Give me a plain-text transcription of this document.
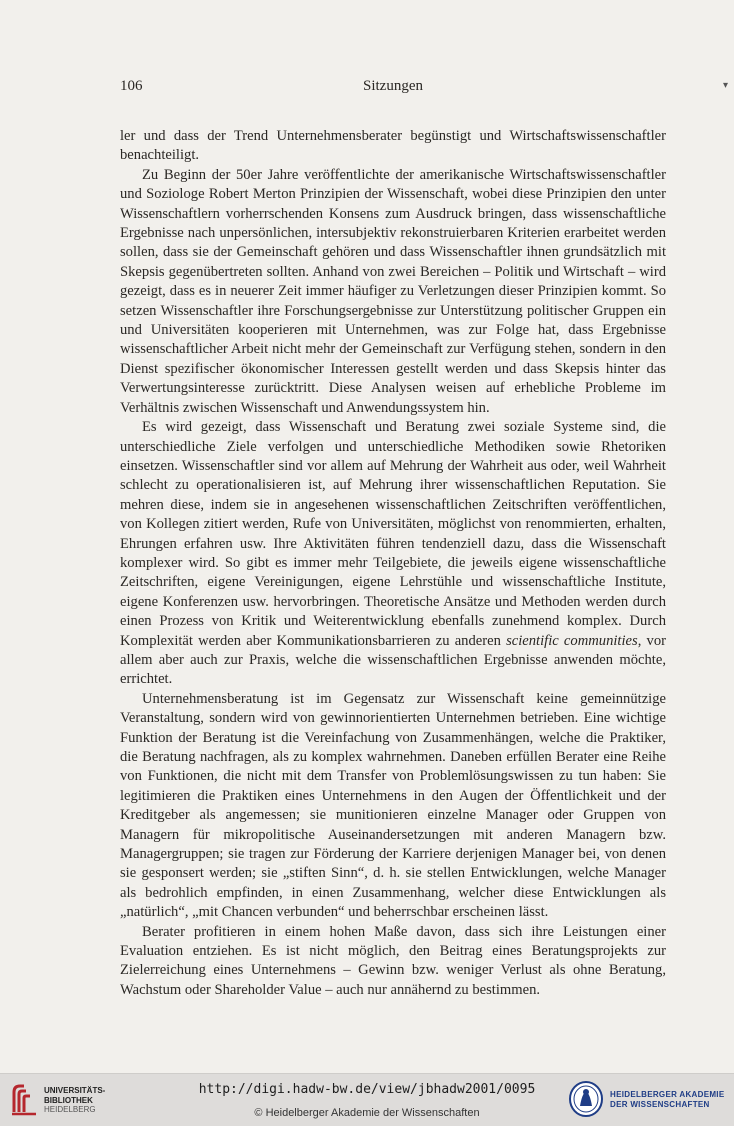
106	Sitzungen	▾

ler und dass der Trend Unternehmensberater begünstigt und Wirtschaftswissenschaftler benachteiligt.

Zu Beginn der 50er Jahre veröffentlichte der amerikanische Wirtschaftswissenschaftler und Soziologe Robert Merton Prinzipien der Wissenschaft, wobei diese Prinzipien den unter Wissenschaftlern vorherrschenden Konsens zum Ausdruck bringen, dass wissenschaftliche Ergebnisse nach unpersönlichen, intersubjektiv rekonstruierbaren Kriterien erarbeitet werden sollen, dass sie der Gemeinschaft gehören und dass Wissenschaftler ihnen grundsätzlich mit Skepsis gegenübertreten sollten. Anhand von zwei Bereichen – Politik und Wirtschaft – wird gezeigt, dass es in neuerer Zeit immer häufiger zu Verletzungen dieser Prinzipien kommt. So setzen Wissenschaftler ihre Forschungsergebnisse zur Unterstützung politischer Gruppen ein und Universitäten kooperieren mit Unternehmen, was zur Folge hat, dass Ergebnisse wissenschaftlicher Arbeit nicht mehr der Gemeinschaft zur Verfügung stehen, sondern in den Dienst spezifischer ökonomischer Interessen gestellt werden und dass Skepsis hinter das Verwertungsinteresse zurücktritt. Diese Analysen weisen auf erhebliche Probleme im Verhältnis zwischen Wissenschaft und Anwendungssystem hin.

Es wird gezeigt, dass Wissenschaft und Beratung zwei soziale Systeme sind, die unterschiedliche Ziele verfolgen und unterschiedliche Methodiken sowie Rhetoriken einsetzen. Wissenschaftler sind vor allem auf Mehrung der Wahrheit aus oder, weil Wahrheit schlecht zu operationalisieren ist, auf Mehrung ihrer wissenschaftlichen Reputation. Sie mehren diese, indem sie in angesehenen wissenschaftlichen Zeitschriften veröffentlichen, von Kollegen zitiert werden, Rufe von Universitäten, möglichst von renommierten, erhalten, Ehrungen erfahren usw. Ihre Aktivitäten führen tendenziell dazu, dass die Wissenschaft komplexer wird. So gibt es immer mehr Teilgebiete, die jeweils eigene wissenschaftliche Zeitschriften, eigene Vereinigungen, eigene Lehrstühle und wissenschaftliche Institute, eigene Konferenzen usw. hervorbringen. Theoretische Ansätze und Methoden werden durch einen Prozess von Kritik und Weiterentwicklung ebenfalls zunehmend komplex. Durch Komplexität werden aber Kommunikationsbarrieren zu anderen scientific communities, vor allem aber auch zur Praxis, welche die wissenschaftlichen Ergebnisse anwenden möchte, errichtet.

Unternehmensberatung ist im Gegensatz zur Wissenschaft keine gemeinnützige Veranstaltung, sondern wird von gewinnorientierten Unternehmen betrieben. Eine wichtige Funktion der Beratung ist die Vereinfachung von Zusammenhängen, welche die Praktiker, die Beratung nachfragen, als zu komplex wahrnehmen. Daneben erfüllen Berater eine Reihe von Funktionen, die nicht mit dem Transfer von Problemlösungswissen zu tun haben: Sie legitimieren die Praktiken eines Unternehmens in den Augen der Öffentlichkeit und der Kreditgeber als angemessen; sie munitionieren einzelne Manager oder Gruppen von Managern für mikropolitische Auseinandersetzungen mit anderen Managern bzw. Managergruppen; sie tragen zur Förderung der Karriere derjenigen Manager bei, von denen sie gesponsert werden; sie „stiften Sinn“, d. h. sie stellen Entwicklungen, welche Manager als bedrohlich empfinden, in einen Zusammenhang, welcher diese Entwicklungen als „natürlich“, „mit Chancen verbunden“ und beherrschbar erscheinen lässt.

Berater profitieren in einem hohen Maße davon, dass sich ihre Leistungen einer Evaluation entziehen. Es ist nicht möglich, den Beitrag eines Beratungsprojekts zur Zielerreichung eines Unternehmens – Gewinn bzw. weniger Verlust als ohne Beratung, Wachstum oder Shareholder Value – auch nur annähernd zu bestimmen.

UNIVERSITÄTS-
BIBLIOTHEK
HEIDELBERG
http://digi.hadw-bw.de/view/jbhadw2001/0095
© Heidelberger Akademie der Wissenschaften
HEIDELBERGER AKADEMIE
DER WISSENSCHAFTEN
